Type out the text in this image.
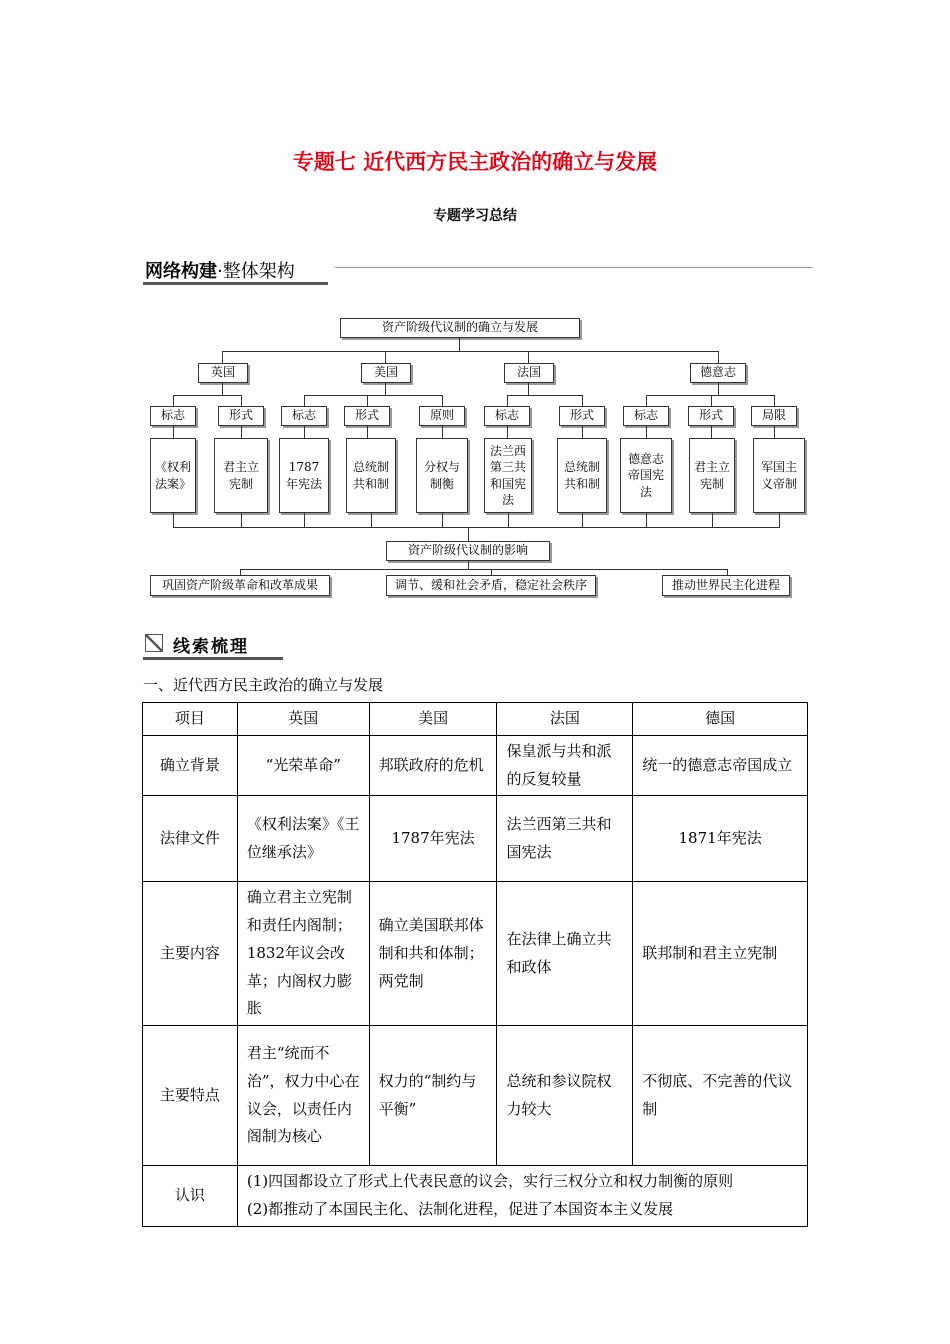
专题七 近代西方民主政治的确立与发展
专题学习总结
网络构建·整体架构
资产阶级代议制的确立与发展
英国	美国	法国	德意志
标志	形式	标志	形式	原则	标志	形式	标志	形式	局限
《权利法案》
君主立宪制
1787年宪法
总统制共和制
分权与制衡
法兰西第三共和国宪法
总统制共和制
德意志帝国宪法
君主立宪制
军国主义帝制
资产阶级代议制的影响
巩固资产阶级革命和改革成果	调节、缓和社会矛盾，稳定社会秩序	推动世界民主化进程
线索梳理
一、近代西方民主政治的确立与发展
项目	英国	美国	法国	德国
确立背景	“光荣革命”	邦联政府的危机	保皇派与共和派的反复较量	统一的德意志帝国成立
法律文件	《权利法案》《王位继承法》	1787年宪法	法兰西第三共和国宪法	1871年宪法
主要内容	确立君主立宪制和责任内阁制；1832年议会改革；内阁权力膨胀	确立美国联邦体制和共和体制；两党制	在法律上确立共和政体	联邦制和君主立宪制
主要特点	君主“统而不治”，权力中心在议会，以责任内阁制为核心	权力的“制约与平衡”	总统和参议院权力较大	不彻底、不完善的代议制
认识	(1)四国都设立了形式上代表民意的议会，实行三权分立和权力制衡的原则
(2)都推动了本国民主化、法制化进程，促进了本国资本主义发展			
